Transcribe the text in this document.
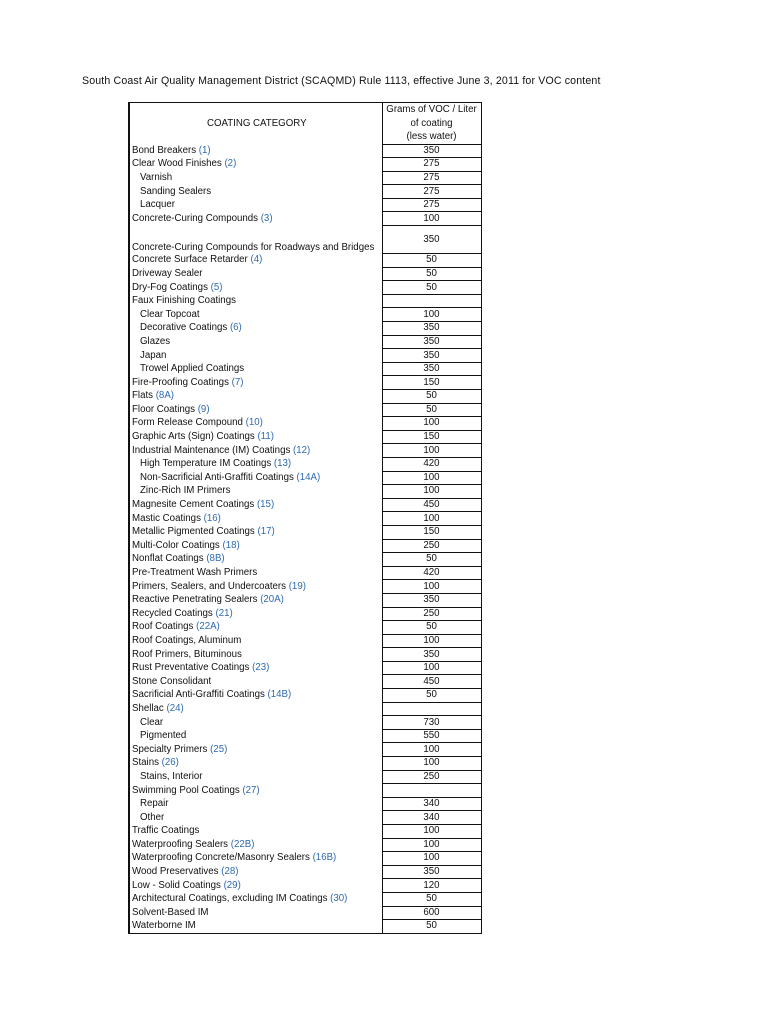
South Coast Air Quality Management District (SCAQMD) Rule 1113, effective June 3, 2011 for VOC content
COATING CATEGORY	Grams of VOC / Liter
of coating
(less water)

Bond Breakers (1)	350
Clear Wood Finishes (2)	275
Varnish	275
Sanding Sealers	275
Lacquer	275
Concrete-Curing Compounds (3)	100
Concrete-Curing Compounds for Roadways and Bridges	350
Concrete Surface Retarder (4)	50
Driveway Sealer	50
Dry-Fog Coatings (5)	50
Faux Finishing Coatings	
Clear Topcoat	100
Decorative Coatings (6)	350
Glazes	350
Japan	350
Trowel Applied Coatings	350
Fire-Proofing Coatings (7)	150
Flats (8A)	50
Floor Coatings (9)	50
Form Release Compound (10)	100
Graphic Arts (Sign) Coatings (11)	150
Industrial Maintenance (IM) Coatings (12)	100
High Temperature IM Coatings (13)	420
Non-Sacrificial Anti-Graffiti Coatings (14A)	100
Zinc-Rich IM Primers	100
Magnesite Cement Coatings (15)	450
Mastic Coatings (16)	100
Metallic Pigmented Coatings (17)	150
Multi-Color Coatings (18)	250
Nonflat Coatings (8B)	50
Pre-Treatment Wash Primers	420
Primers, Sealers, and Undercoaters (19)	100
Reactive Penetrating Sealers (20A)	350
Recycled Coatings (21)	250
Roof Coatings (22A)	50
Roof Coatings, Aluminum	100
Roof Primers, Bituminous	350
Rust Preventative Coatings (23)	100
Stone Consolidant	450
Sacrificial Anti-Graffiti Coatings (14B)	50
Shellac (24)	
Clear	730
Pigmented	550
Specialty Primers (25)	100
Stains (26)	100
Stains, Interior	250
Swimming Pool Coatings (27)	
Repair	340
Other	340
Traffic Coatings	100
Waterproofing Sealers (22B)	100
Waterproofing Concrete/Masonry Sealers (16B)	100
Wood Preservatives (28)	350
Low - Solid Coatings (29)	120
Architectural Coatings, excluding IM Coatings (30)	50
Solvent-Based IM	600
Waterborne IM	50
